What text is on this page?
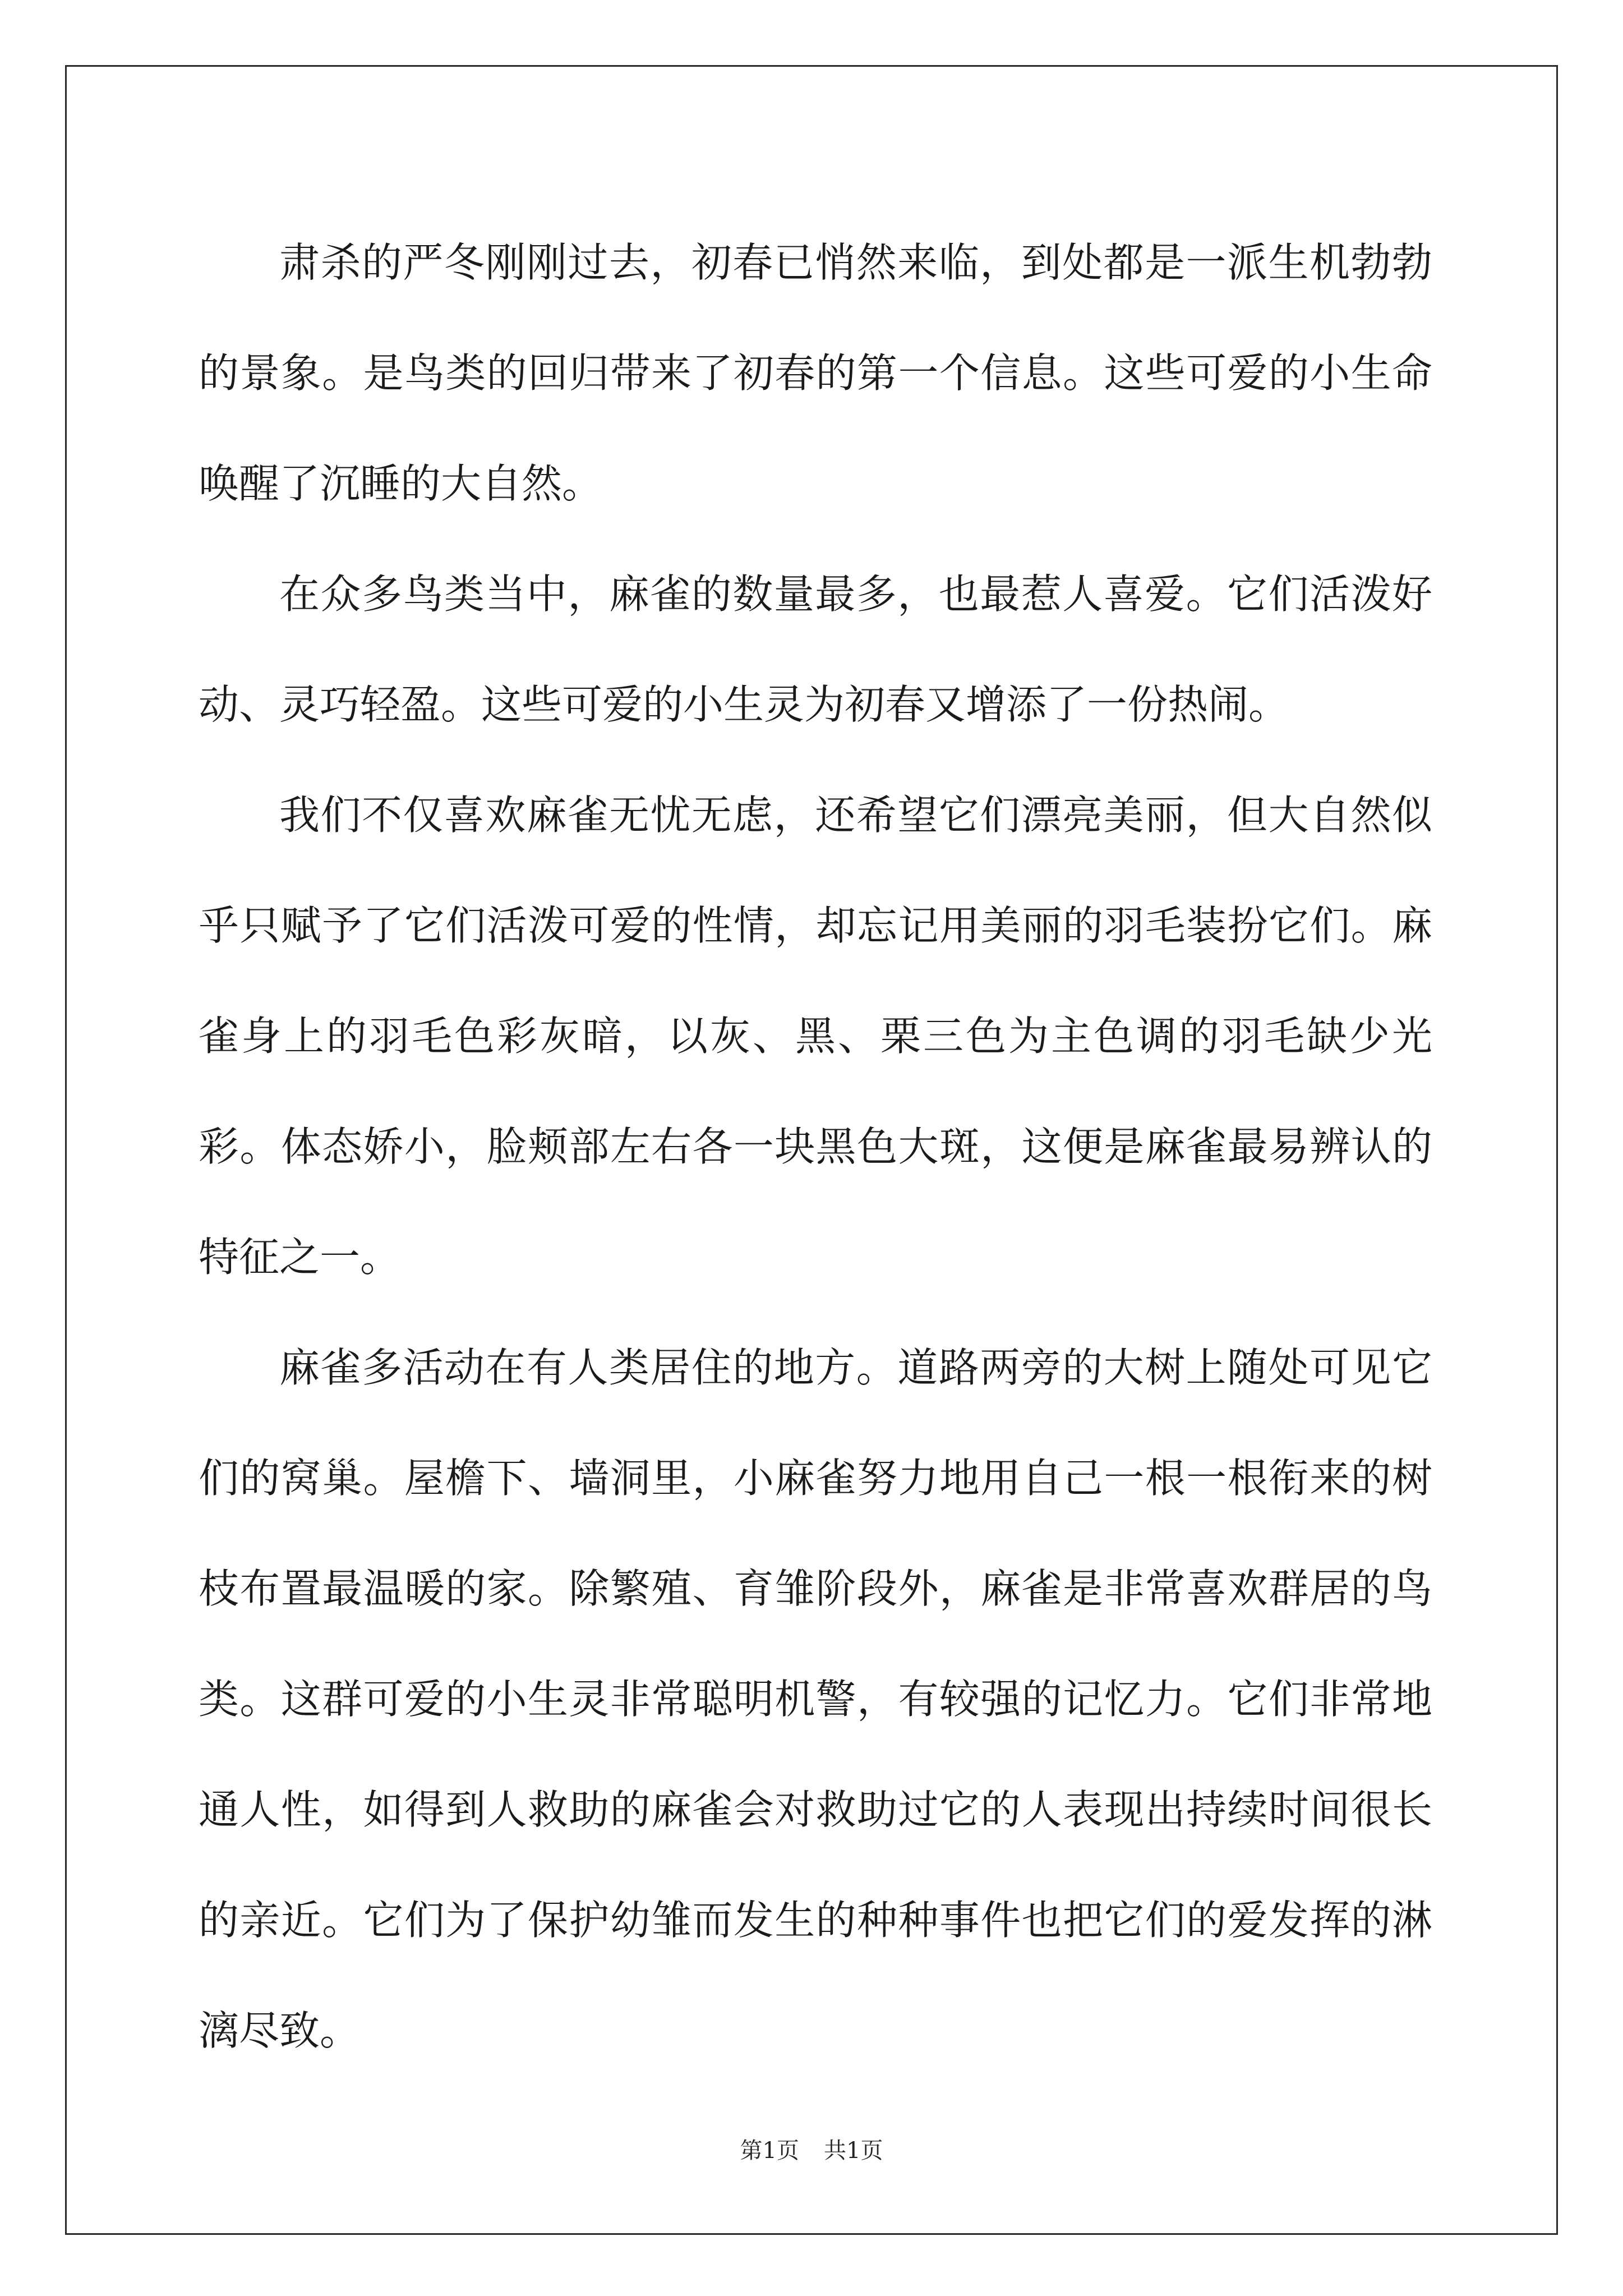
肃杀的严冬刚刚过去，初春已悄然来临，到处都是一派生机勃勃的景象。是鸟类的回归带来了初春的第一个信息。这些可爱的小生命唤醒了沉睡的大自然。

在众多鸟类当中，麻雀的数量最多，也最惹人喜爱。它们活泼好动、灵巧轻盈。这些可爱的小生灵为初春又增添了一份热闹。

我们不仅喜欢麻雀无忧无虑，还希望它们漂亮美丽，但大自然似乎只赋予了它们活泼可爱的性情，却忘记用美丽的羽毛装扮它们。麻雀身上的羽毛色彩灰暗，以灰、黑、栗三色为主色调的羽毛缺少光彩。体态娇小，脸颊部左右各一块黑色大斑，这便是麻雀最易辨认的特征之一。

麻雀多活动在有人类居住的地方。道路两旁的大树上随处可见它们的窝巢。屋檐下、墙洞里，小麻雀努力地用自己一根一根衔来的树枝布置最温暖的家。除繁殖、育雏阶段外，麻雀是非常喜欢群居的鸟类。这群可爱的小生灵非常聪明机警，有较强的记忆力。它们非常地通人性，如得到人救助的麻雀会对救助过它的人表现出持续时间很长的亲近。它们为了保护幼雏而发生的种种事件也把它们的爱发挥的淋漓尽致。

第1页 共1页
